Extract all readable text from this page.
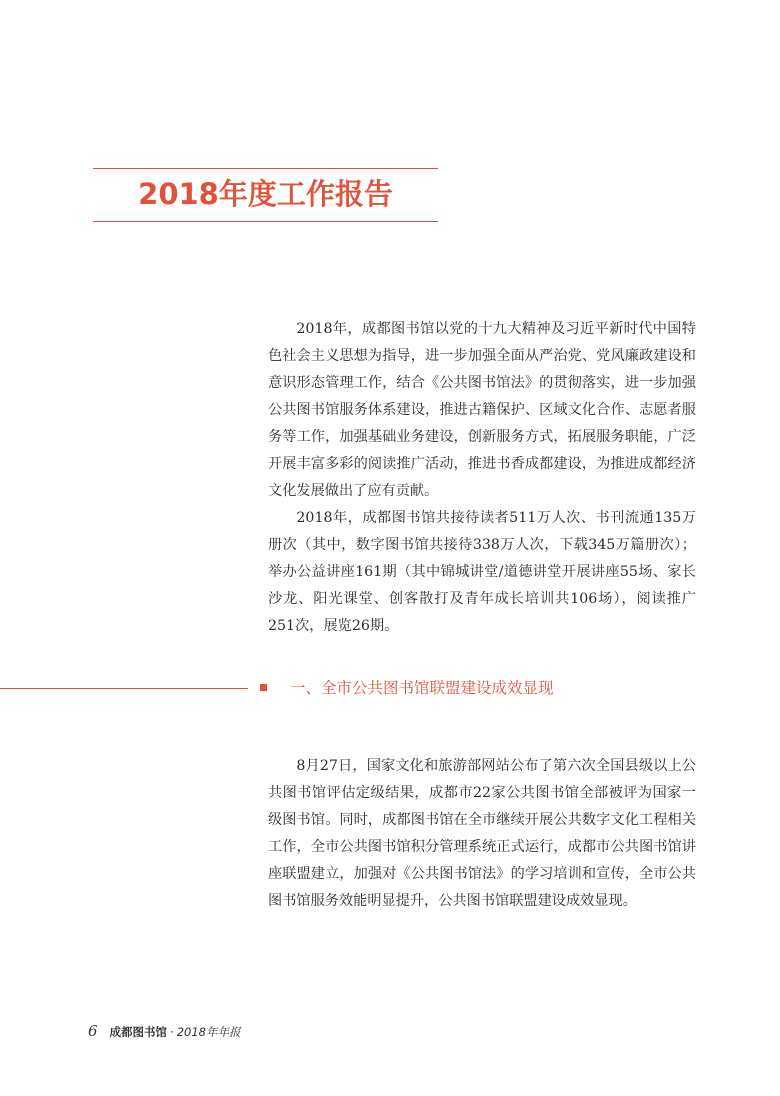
2018年度工作报告

2018年，成都图书馆以党的十九大精神及习近平新时代中国特色社会主义思想为指导，进一步加强全面从严治党、党风廉政建设和意识形态管理工作，结合《公共图书馆法》的贯彻落实，进一步加强公共图书馆服务体系建设，推进古籍保护、区域文化合作、志愿者服务等工作，加强基础业务建设，创新服务方式，拓展服务职能，广泛开展丰富多彩的阅读推广活动，推进书香成都建设，为推进成都经济文化发展做出了应有贡献。

2018年，成都图书馆共接待读者511万人次、书刊流通135万册次（其中，数字图书馆共接待338万人次，下载345万篇册次）；举办公益讲座161期（其中锦城讲堂/道德讲堂开展讲座55场、家长沙龙、阳光课堂、创客散打及青年成长培训共106场），阅读推广251次，展览26期。

一、全市公共图书馆联盟建设成效显现

8月27日，国家文化和旅游部网站公布了第六次全国县级以上公共图书馆评估定级结果，成都市22家公共图书馆全部被评为国家一级图书馆。同时，成都图书馆在全市继续开展公共数字文化工程相关工作，全市公共图书馆积分管理系统正式运行，成都市公共图书馆讲座联盟建立，加强对《公共图书馆法》的学习培训和宣传，全市公共图书馆服务效能明显提升，公共图书馆联盟建设成效显现。

6 成都图书馆 · 2018年年报
